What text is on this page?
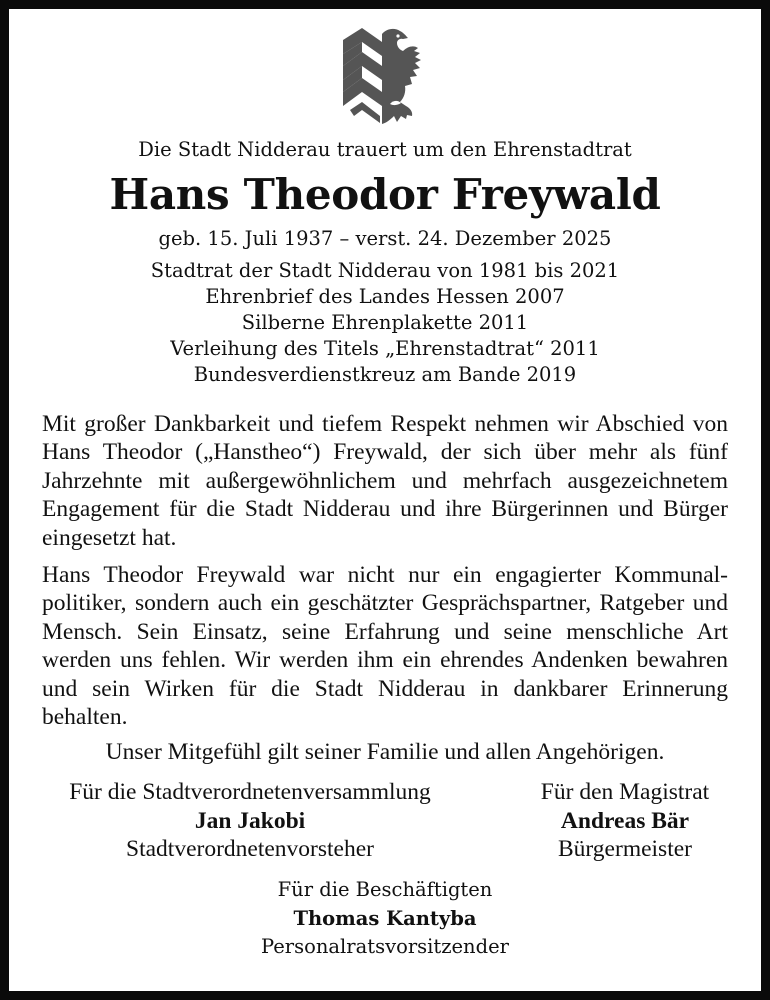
Die Stadt Nidderau trauert um den Ehrenstadtrat
Hans Theodor Freywald
geb. 15. Juli 1937 – verst. 24. Dezember 2025
Stadtrat der Stadt Nidderau von 1981 bis 2021
Ehrenbrief des Landes Hessen 2007
Silberne Ehrenplakette 2011
Verleihung des Titels „Ehrenstadtrat“ 2011
Bundesverdienstkreuz am Bande 2019
Mit großer Dankbarkeit und tiefem Respekt nehmen wir Abschied von Hans Theodor („Hanstheo“) Freywald, der sich über mehr als fünf Jahrzehnte mit außergewöhnlichem und mehrfach ausgezeichnetem Engagement für die Stadt Nidderau und ihre Bürgerinnen und Bürger eingesetzt hat.
Hans Theodor Freywald war nicht nur ein engagierter Kommunalpolitiker, sondern auch ein geschätzter Gesprächspartner, Ratgeber und Mensch. Sein Einsatz, seine Erfahrung und seine menschliche Art werden uns fehlen. Wir werden ihm ein ehrendes Andenken bewahren und sein Wirken für die Stadt Nidderau in dankbarer Erinnerung behalten.
Unser Mitgefühl gilt seiner Familie und allen Angehörigen.
Für die Stadtverordnetenversammlung
Jan Jakobi
Stadtverordnetenvorsteher
Für den Magistrat
Andreas Bär
Bürgermeister
Für die Beschäftigten
Thomas Kantyba
Personalratsvorsitzender
